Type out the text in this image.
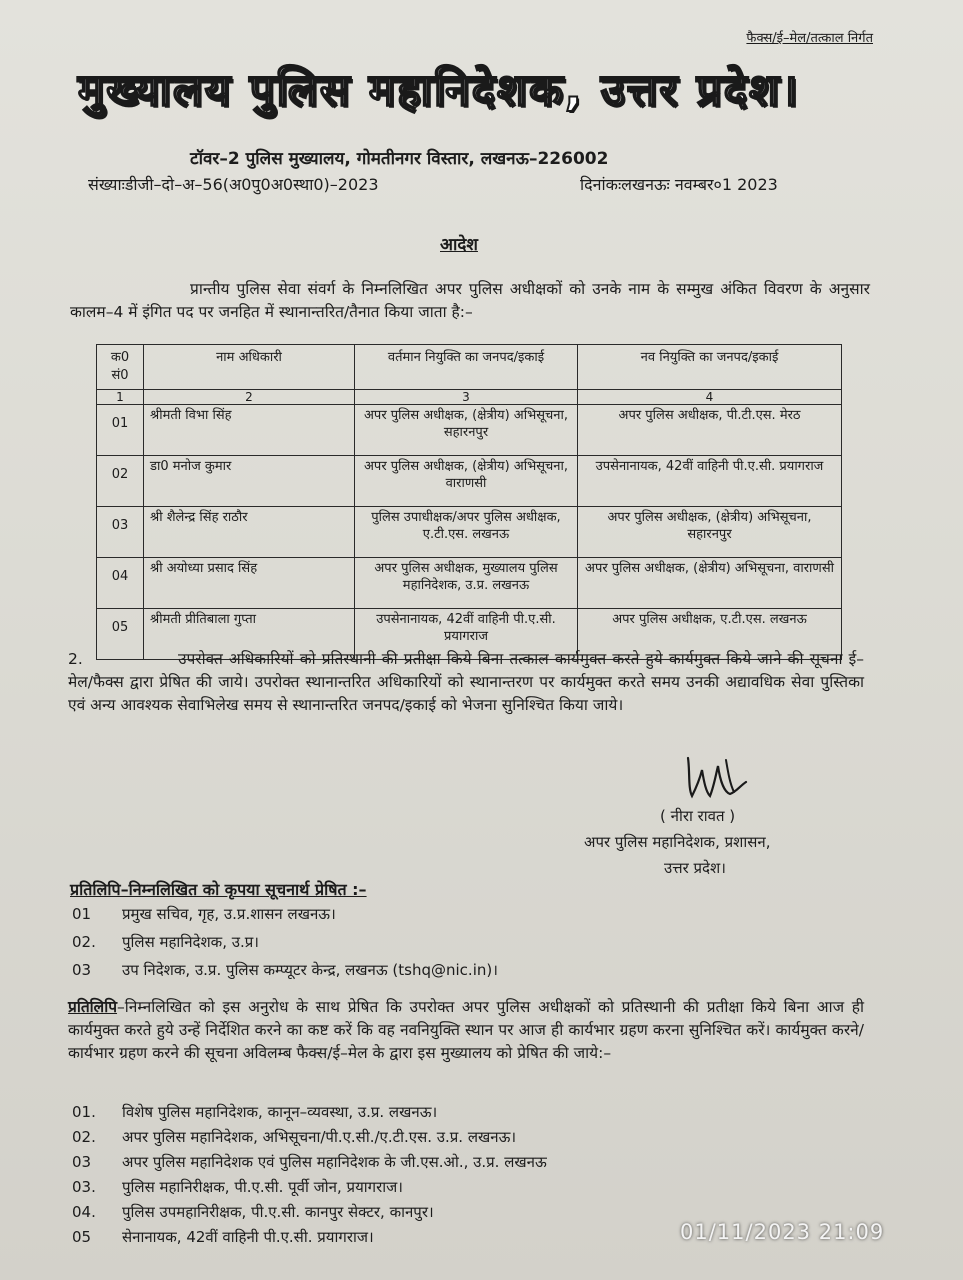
फैक्स/ई–मेल/तत्काल निर्गत
मुख्यालय पुलिस महानिदेशक, उत्तर प्रदेश।
टॉवर–2 पुलिस मुख्यालय, गोमतीनगर विस्तार, लखनऊ–226002
संख्याःडीजी–दो–अ–56(अ0पु0अ0स्था0)–2023	दिनांकःलखनऊः नवम्बर०1 2023
आदेश
प्रान्तीय पुलिस सेवा संवर्ग के निम्नलिखित अपर पुलिस अधीक्षकों को उनके नाम के सम्मुख अंकित विवरण के अनुसार कालम–4 में इंगित पद पर जनहित में स्थानान्तरित/तैनात किया जाता है:–
क0 सं0	नाम अधिकारी	वर्तमान नियुक्ति का जनपद/इकाई	नव नियुक्ति का जनपद/इकाई
1	2	3	4
01	श्रीमती विभा सिंह	अपर पुलिस अधीक्षक, (क्षेत्रीय) अभिसूचना, सहारनपुर	अपर पुलिस अधीक्षक, पी.टी.एस. मेरठ
02	डा0 मनोज कुमार	अपर पुलिस अधीक्षक, (क्षेत्रीय) अभिसूचना, वाराणसी	उपसेनानायक, 42वीं वाहिनी पी.ए.सी. प्रयागराज
03	श्री शैलेन्द्र सिंह राठौर	पुलिस उपाधीक्षक/अपर पुलिस अधीक्षक, ए.टी.एस. लखनऊ	अपर पुलिस अधीक्षक, (क्षेत्रीय) अभिसूचना, सहारनपुर
04	श्री अयोध्या प्रसाद सिंह	अपर पुलिस अधीक्षक, मुख्यालय पुलिस महानिदेशक, उ.प्र. लखनऊ	अपर पुलिस अधीक्षक, (क्षेत्रीय) अभिसूचना, वाराणसी
05	श्रीमती प्रीतिबाला गुप्ता	उपसेनानायक, 42वीं वाहिनी पी.ए.सी. प्रयागराज	अपर पुलिस अधीक्षक, ए.टी.एस. लखनऊ
2.	उपरोक्त अधिकारियों को प्रतिस्थानी की प्रतीक्षा किये बिना तत्काल कार्यमुक्त करते हुये कार्यमुक्त किये जाने की सूचना ई– मेल/फैक्स द्वारा प्रेषित की जाये। उपरोक्त स्थानान्तरित अधिकारियों को स्थानान्तरण पर कार्यमुक्त करते समय उनकी अद्यावधिक सेवा पुस्तिका एवं अन्य आवश्यक सेवाभिलेख समय से स्थानान्तरित जनपद/इकाई को भेजना सुनिश्चित किया जाये।
( नीरा रावत )
अपर पुलिस महानिदेशक, प्रशासन,
उत्तर प्रदेश।
प्रतिलिपि–निम्नलिखित को कृपया सूचनार्थ प्रेषित :–
01	प्रमुख सचिव, गृह, उ.प्र.शासन लखनऊ।
02.	पुलिस महानिदेशक, उ.प्र।
03	उप निदेशक, उ.प्र. पुलिस कम्प्यूटर केन्द्र, लखनऊ (tshq@nic.in)।
प्रतिलिपि–निम्नलिखित को इस अनुरोध के साथ प्रेषित कि उपरोक्त अपर पुलिस अधीक्षकों को प्रतिस्थानी की प्रतीक्षा किये बिना आज ही कार्यमुक्त करते हुये उन्हें निर्देशित करने का कष्ट करें कि वह नवनियुक्ति स्थान पर आज ही कार्यभार ग्रहण करना सुनिश्चित करें। कार्यमुक्त करने/कार्यभार ग्रहण करने की सूचना अविलम्ब फैक्स/ई–मेल के द्वारा इस मुख्यालय को प्रेषित की जाये:–
01.	विशेष पुलिस महानिदेशक, कानून–व्यवस्था, उ.प्र. लखनऊ।
02.	अपर पुलिस महानिदेशक, अभिसूचना/पी.ए.सी./ए.टी.एस. उ.प्र. लखनऊ।
03	अपर पुलिस महानिदेशक एवं पुलिस महानिदेशक के जी.एस.ओ., उ.प्र. लखनऊ
03.	पुलिस महानिरीक्षक, पी.ए.सी. पूर्वी जोन, प्रयागराज।
04.	पुलिस उपमहानिरीक्षक, पी.ए.सी. कानपुर सेक्टर, कानपुर।
05	सेनानायक, 42वीं वाहिनी पी.ए.सी. प्रयागराज।	01/11/2023 21:09
